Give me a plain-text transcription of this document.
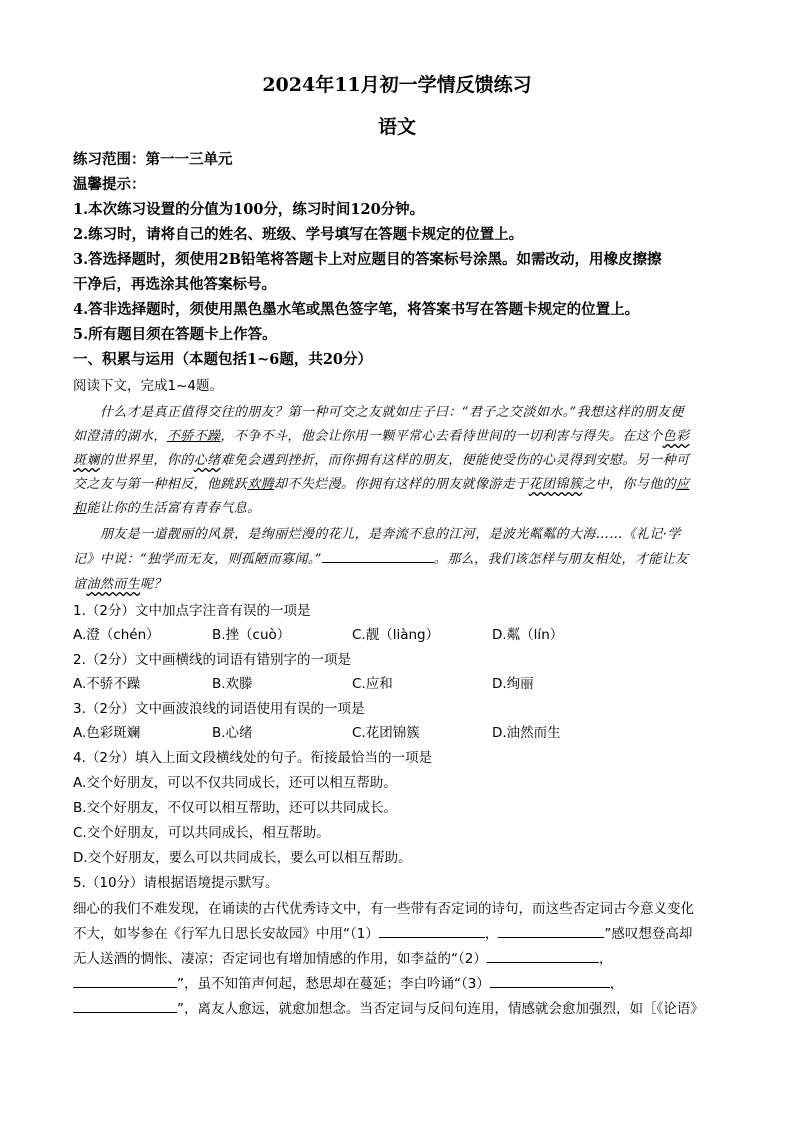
2024年11月初一学情反馈练习
语文
练习范围：第一一三单元
温馨提示：
1.本次练习设置的分值为100分，练习时间120分钟。
2.练习时，请将自己的姓名、班级、学号填写在答题卡规定的位置上。
3.答选择题时，须使用2B铅笔将答题卡上对应题目的答案标号涂黑。如需改动，用橡皮擦擦
干净后，再选涂其他答案标号。
4.答非选择题时，须使用黑色墨水笔或黑色签字笔，将答案书写在答题卡规定的位置上。
5.所有题目须在答题卡上作答。
一、积累与运用（本题包括1~6题，共20分）
阅读下文，完成1~4题。
什么才是真正值得交往的朋友？第一种可交之友就如庄子曰：“君子之交淡如水。”我想这样的朋友便
如澄清的湖水，不骄不躁，不争不斗，他会让你用一颗平常心去看待世间的一切利害与得失。在这个色彩
斑斓的世界里，你的心绪难免会遇到挫折，而你拥有这样的朋友，便能使受伤的心灵得到安慰。另一种可
交之友与第一种相反，他跳跃欢腾却不失烂漫。你拥有这样的朋友就像游走于花团锦簇之中，你与他的应
和能让你的生活富有青春气息。
朋友是一道靓丽的风景，是绚丽烂漫的花儿，是奔流不息的江河，是波光粼粼的大海……《礼记·学
记》中说：“独学而无友，则孤陋而寡闻。”	。那么，我们该怎样与朋友相处，才能让友
谊油然而生呢？
1.（2分）文中加点字注音有误的一项是
A.澄（chén）	B.挫（cuò）	C.靓（liàng）	D.粼（lín）
2.（2分）文中画横线的词语有错别字的一项是
A.不骄不躁	B.欢滕	C.应和	D.绚丽
3.（2分）文中画波浪线的词语使用有误的一项是
A.色彩斑斓	B.心绪	C.花团锦簇	D.油然而生
4.（2分）填入上面文段横线处的句子。衔接最恰当的一项是
A.交个好朋友，可以不仅共同成长，还可以相互帮助。
B.交个好朋友，不仅可以相互帮助，还可以共同成长。
C.交个好朋友，可以共同成长，相互帮助。
D.交个好朋友，要么可以共同成长，要么可以相互帮助。
5.（10分）请根据语境提示默写。
细心的我们不难发现，在诵读的古代优秀诗文中，有一些带有否定词的诗句，而这些否定词古今意义变化
不大，如岑参在《行军九日思长安故园》中用“（1）	，	”感叹想登高却
无人送酒的惆怅、凄凉；否定词也有增加情感的作用，如李益的“（2）	，
”，虽不知笛声何起，愁思却在蔓延；李白吟诵“（3）	，
”，离友人愈远，就愈加想念。当否定词与反问句连用，情感就会愈加强烈，如［《论语》
